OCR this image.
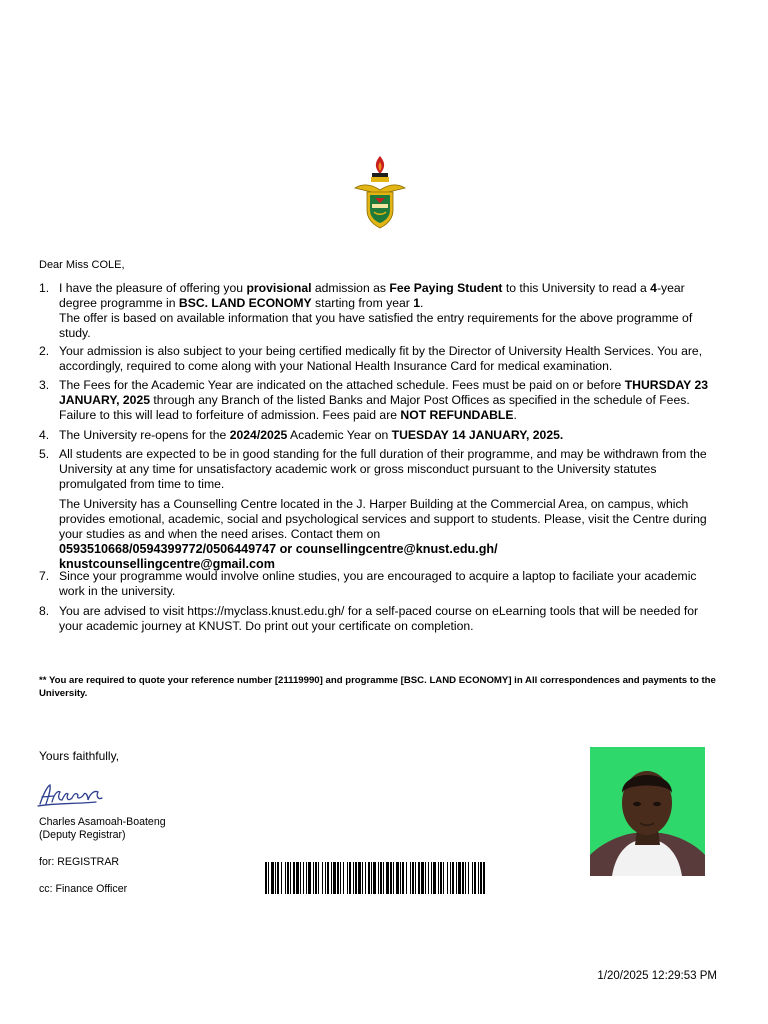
Dear Miss COLE,
1. I have the pleasure of offering you provisional admission as Fee Paying Student to this University to read a 4-year degree programme in BSC. LAND ECONOMY starting from year 1.

The offer is based on available information that you have satisfied the entry requirements for the above programme of study.

2. Your admission is also subject to your being certified medically fit by the Director of University Health Services. You are, accordingly, required to come along with your National Health Insurance Card for medical examination.

3. The Fees for the Academic Year are indicated on the attached schedule. Fees must be paid on or before THURSDAY 23 JANUARY, 2025 through any Branch of the listed Banks and Major Post Offices as specified in the schedule of Fees. Failure to this will lead to forfeiture of admission. Fees paid are NOT REFUNDABLE.

4. The University re-opens for the 2024/2025 Academic Year on TUESDAY 14 JANUARY, 2025.

5. All students are expected to be in good standing for the full duration of their programme, and may be withdrawn from the University at any time for unsatisfactory academic work or gross misconduct pursuant to the University statutes promulgated from time to time.

The University has a Counselling Centre located in the J. Harper Building at the Commercial Area, on campus, which provides emotional, academic, social and psychological services and support to students. Please, visit the Centre during your studies as and when the need arises. Contact them on

0593510668/0594399772/0506449747 or counsellingcentre@knust.edu.gh/
knustcounsellingcentre@gmail.com

7. Since your programme would involve online studies, you are encouraged to acquire a laptop to faciliate your academic work in the university.

8. You are advised to visit https://myclass.knust.edu.gh/ for a self-paced course on eLearning tools that will be needed for your academic journey at KNUST. Do print out your certificate on completion.

** You are required to quote your reference number [21119990] and programme [BSC. LAND ECONOMY] in All correspondences and payments to the University.
Yours faithfully,
Charles Asamoah-Boateng
(Deputy Registrar)
for: REGISTRAR
cc: Finance Officer
1/20/2025 12:29:53 PM
